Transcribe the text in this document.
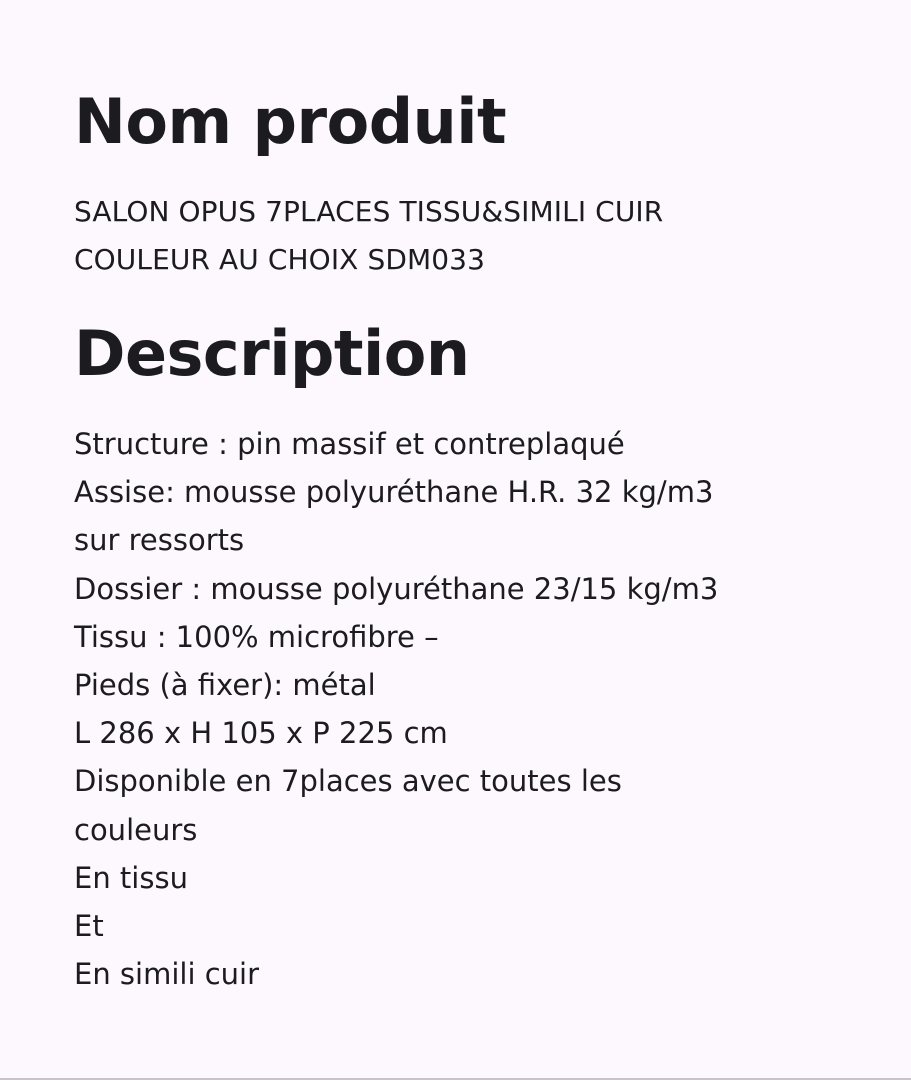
Nom produit
SALON OPUS 7PLACES TISSU&SIMILI CUIR
COULEUR AU CHOIX SDM033
Description
Structure : pin massif et contreplaqué
Assise: mousse polyuréthane H.R. 32 kg/m3
sur ressorts
Dossier : mousse polyuréthane 23/15 kg/m3
Tissu : 100% microfibre –
Pieds (à fixer): métal
L 286 x H 105 x P 225 cm
Disponible en 7places avec toutes les
couleurs
En tissu
Et
En simili cuir
